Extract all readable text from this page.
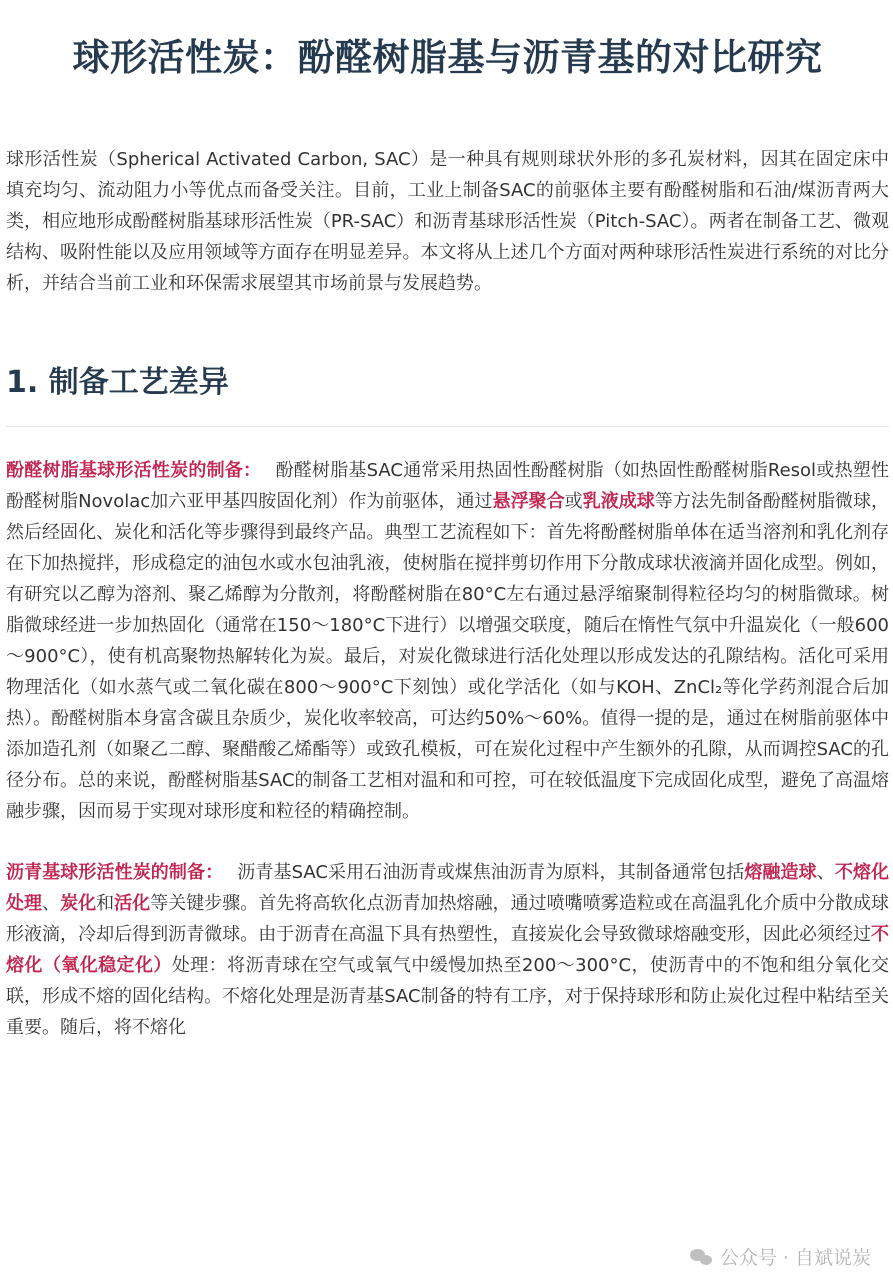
球形活性炭：酚醛树脂基与沥青基的对比研究

球形活性炭（Spherical Activated Carbon, SAC）是一种具有规则球状外形的多孔炭材料，因其在固定床中填充均匀、流动阻力小等优点而备受关注。目前，工业上制备SAC的前驱体主要有酚醛树脂和石油/煤沥青两大类，相应地形成酚醛树脂基球形活性炭（PR-SAC）和沥青基球形活性炭（Pitch-SAC）。两者在制备工艺、微观结构、吸附性能以及应用领域等方面存在明显差异。本文将从上述几个方面对两种球形活性炭进行系统的对比分析，并结合当前工业和环保需求展望其市场前景与发展趋势。

1. 制备工艺差异

酚醛树脂基球形活性炭的制备： 酚醛树脂基SAC通常采用热固性酚醛树脂（如热固性酚醛树脂Resol或热塑性酚醛树脂Novolac加六亚甲基四胺固化剂）作为前驱体，通过悬浮聚合或乳液成球等方法先制备酚醛树脂微球，然后经固化、炭化和活化等步骤得到最终产品。典型工艺流程如下：首先将酚醛树脂单体在适当溶剂和乳化剂存在下加热搅拌，形成稳定的油包水或水包油乳液，使树脂在搅拌剪切作用下分散成球状液滴并固化成型。例如，有研究以乙醇为溶剂、聚乙烯醇为分散剂，将酚醛树脂在80°C左右通过悬浮缩聚制得粒径均匀的树脂微球。树脂微球经进一步加热固化（通常在150～180°C下进行）以增强交联度，随后在惰性气氛中升温炭化（一般600～900°C），使有机高聚物热解转化为炭。最后，对炭化微球进行活化处理以形成发达的孔隙结构。活化可采用物理活化（如水蒸气或二氧化碳在800～900°C下刻蚀）或化学活化（如与KOH、ZnCl₂等化学药剂混合后加热）。酚醛树脂本身富含碳且杂质少，炭化收率较高，可达约50%～60%。值得一提的是，通过在树脂前驱体中添加造孔剂（如聚乙二醇、聚醋酸乙烯酯等）或致孔模板，可在炭化过程中产生额外的孔隙，从而调控SAC的孔径分布。总的来说，酚醛树脂基SAC的制备工艺相对温和和可控，可在较低温度下完成固化成型，避免了高温熔融步骤，因而易于实现对球形度和粒径的精确控制。

沥青基球形活性炭的制备： 沥青基SAC采用石油沥青或煤焦油沥青为原料，其制备通常包括熔融造球、不熔化处理、炭化和活化等关键步骤。首先将高软化点沥青加热熔融，通过喷嘴喷雾造粒或在高温乳化介质中分散成球形液滴，冷却后得到沥青微球。由于沥青在高温下具有热塑性，直接炭化会导致微球熔融变形，因此必须经过不熔化（氧化稳定化）处理：将沥青球在空气或氧气中缓慢加热至200～300°C，使沥青中的不饱和组分氧化交联，形成不熔的固化结构。不熔化处理是沥青基SAC制备的特有工序，对于保持球形和防止炭化过程中粘结至关重要。随后，将不熔化

公众号 · 自斌说炭
